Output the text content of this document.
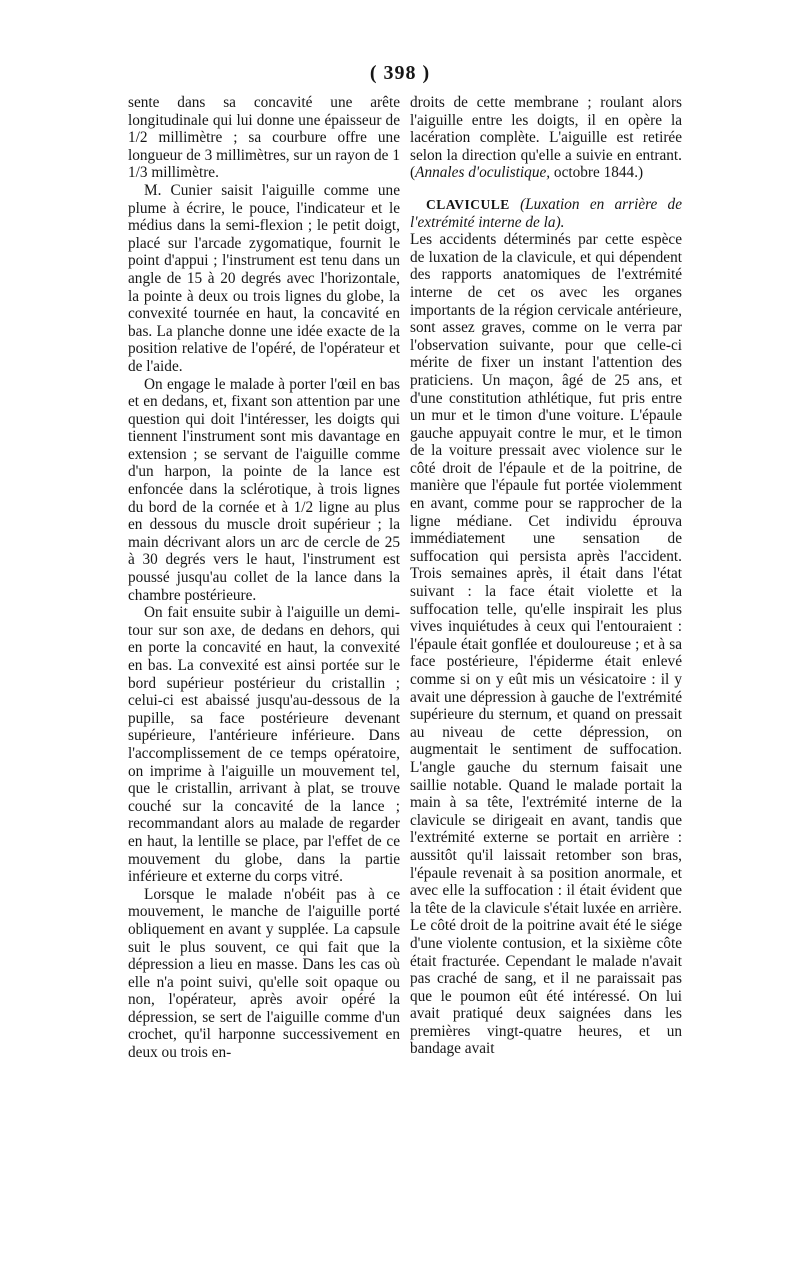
( 398 )

sente dans sa concavité une arête longitudinale qui lui donne une épaisseur de 1/2 millimètre ; sa courbure offre une longueur de 3 millimètres, sur un rayon de 1 1/3 millimètre.

M. Cunier saisit l'aiguille comme une plume à écrire, le pouce, l'indicateur et le médius dans la semi-flexion ; le petit doigt, placé sur l'arcade zygomatique, fournit le point d'appui ; l'instrument est tenu dans un angle de 15 à 20 degrés avec l'horizontale, la pointe à deux ou trois lignes du globe, la convexité tournée en haut, la concavité en bas. La planche donne une idée exacte de la position relative de l'opéré, de l'opérateur et de l'aide.

On engage le malade à porter l'œil en bas et en dedans, et, fixant son attention par une question qui doit l'intéresser, les doigts qui tiennent l'instrument sont mis davantage en extension ; se servant de l'aiguille comme d'un harpon, la pointe de la lance est enfoncée dans la sclérotique, à trois lignes du bord de la cornée et à 1/2 ligne au plus en dessous du muscle droit supérieur ; la main décrivant alors un arc de cercle de 25 à 30 degrés vers le haut, l'instrument est poussé jusqu'au collet de la lance dans la chambre postérieure.

On fait ensuite subir à l'aiguille un demi-tour sur son axe, de dedans en dehors, qui en porte la concavité en haut, la convexité en bas. La convexité est ainsi portée sur le bord supérieur postérieur du cristallin ; celui-ci est abaissé jusqu'au-dessous de la pupille, sa face postérieure devenant supérieure, l'antérieure inférieure. Dans l'accomplissement de ce temps opératoire, on imprime à l'aiguille un mouvement tel, que le cristallin, arrivant à plat, se trouve couché sur la concavité de la lance ; recommandant alors au malade de regarder en haut, la lentille se place, par l'effet de ce mouvement du globe, dans la partie inférieure et externe du corps vitré.

Lorsque le malade n'obéit pas à ce mouvement, le manche de l'aiguille porté obliquement en avant y supplée. La capsule suit le plus souvent, ce qui fait que la dépression a lieu en masse. Dans les cas où elle n'a point suivi, qu'elle soit opaque ou non, l'opérateur, après avoir opéré la dépression, se sert de l'aiguille comme d'un crochet, qu'il harponne successivement en deux ou trois en-

droits de cette membrane ; roulant alors l'aiguille entre les doigts, il en opère la lacération complète. L'aiguille est retirée selon la direction qu'elle a suivie en entrant. (Annales d'oculistique, octobre 1844.)

CLAVICULE (Luxation en arrière de l'extrémité interne de la).

Les accidents déterminés par cette espèce de luxation de la clavicule, et qui dépendent des rapports anatomiques de l'extrémité interne de cet os avec les organes importants de la région cervicale antérieure, sont assez graves, comme on le verra par l'observation suivante, pour que celle-ci mérite de fixer un instant l'attention des praticiens. Un maçon, âgé de 25 ans, et d'une constitution athlétique, fut pris entre un mur et le timon d'une voiture. L'épaule gauche appuyait contre le mur, et le timon de la voiture pressait avec violence sur le côté droit de l'épaule et de la poitrine, de manière que l'épaule fut portée violemment en avant, comme pour se rapprocher de la ligne médiane. Cet individu éprouva immédiatement une sensation de suffocation qui persista après l'accident. Trois semaines après, il était dans l'état suivant : la face était violette et la suffocation telle, qu'elle inspirait les plus vives inquiétudes à ceux qui l'entouraient : l'épaule était gonflée et douloureuse ; et à sa face postérieure, l'épiderme était enlevé comme si on y eût mis un vésicatoire : il y avait une dépression à gauche de l'extrémité supérieure du sternum, et quand on pressait au niveau de cette dépression, on augmentait le sentiment de suffocation. L'angle gauche du sternum faisait une saillie notable. Quand le malade portait la main à sa tête, l'extrémité interne de la clavicule se dirigeait en avant, tandis que l'extrémité externe se portait en arrière : aussitôt qu'il laissait retomber son bras, l'épaule revenait à sa position anormale, et avec elle la suffocation : il était évident que la tête de la clavicule s'était luxée en arrière. Le côté droit de la poitrine avait été le siége d'une violente contusion, et la sixième côte était fracturée. Cependant le malade n'avait pas craché de sang, et il ne paraissait pas que le poumon eût été intéressé. On lui avait pratiqué deux saignées dans les premières vingt-quatre heures, et un bandage avait
